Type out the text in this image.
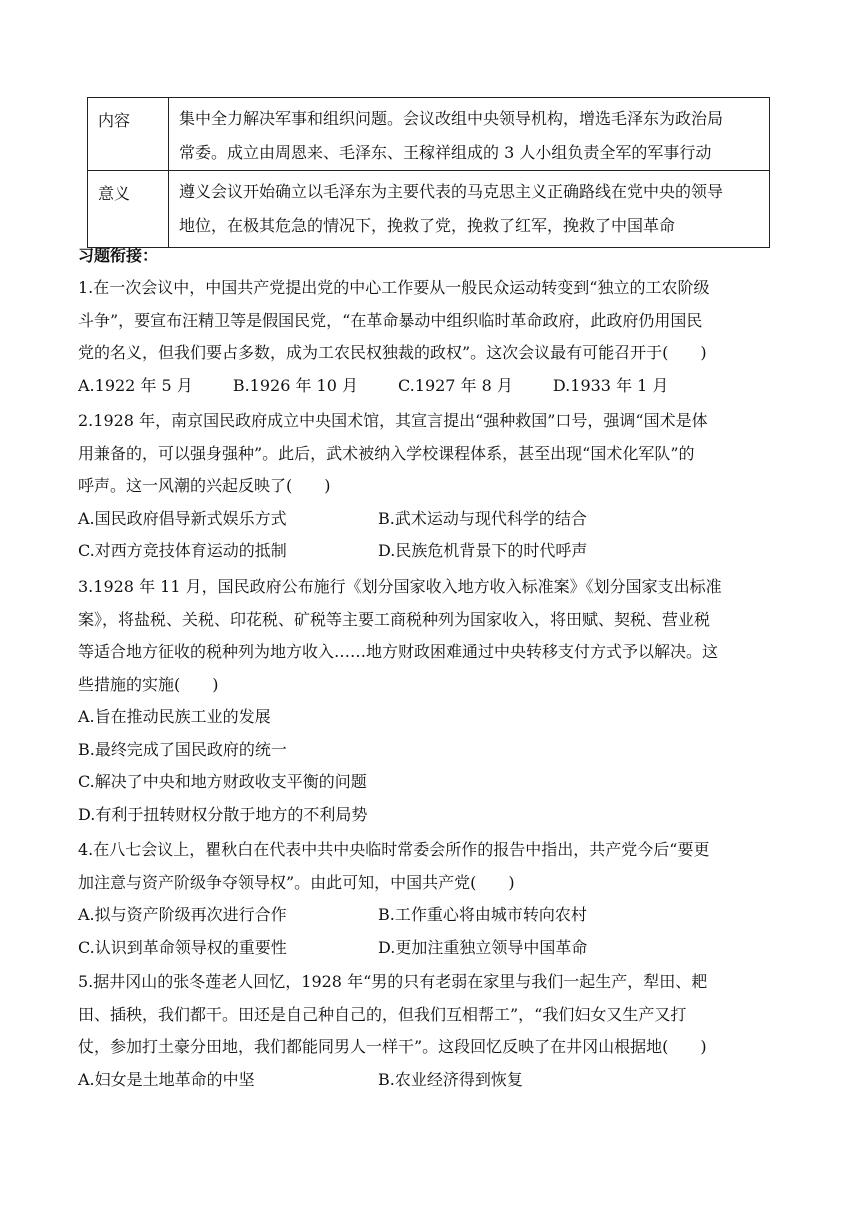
内容	集中全力解决军事和组织问题。会议改组中央领导机构，增选毛泽东为政治局
常委。成立由周恩来、毛泽东、王稼祥组成的 3 人小组负责全军的军事行动

意义	遵义会议开始确立以毛泽东为主要代表的马克思主义正确路线在党中央的领导
地位，在极其危急的情况下，挽救了党，挽救了红军，挽救了中国革命
习题衔接：
1.在一次会议中，中国共产党提出党的中心工作要从一般民众运动转变到“独立的工农阶级
斗争”，要宣布汪精卫等是假国民党，“在革命暴动中组织临时革命政府，此政府仍用国民
党的名义，但我们要占多数，成为工农民权独裁的政权”。这次会议最有可能召开于(　　)
A.1922 年 5 月	B.1926 年 10 月	C.1927 年 8 月	D.1933 年 1 月
2.1928 年，南京国民政府成立中央国术馆，其宣言提出“强种救国”口号，强调“国术是体
用兼备的，可以强身强种”。此后，武术被纳入学校课程体系，甚至出现“国术化军队”的
呼声。这一风潮的兴起反映了(　　)
A.国民政府倡导新式娱乐方式	B.武术运动与现代科学的结合
C.对西方竞技体育运动的抵制	D.民族危机背景下的时代呼声
3.1928 年 11 月，国民政府公布施行《划分国家收入地方收入标准案》《划分国家支出标准
案》，将盐税、关税、印花税、矿税等主要工商税种列为国家收入，将田赋、契税、营业税
等适合地方征收的税种列为地方收入……地方财政困难通过中央转移支付方式予以解决。这
些措施的实施(　　)
A.旨在推动民族工业的发展
B.最终完成了国民政府的统一
C.解决了中央和地方财政收支平衡的问题
D.有利于扭转财权分散于地方的不利局势
4.在八七会议上，瞿秋白在代表中共中央临时常委会所作的报告中指出，共产党今后“要更
加注意与资产阶级争夺领导权”。由此可知，中国共产党(　　)
A.拟与资产阶级再次进行合作	B.工作重心将由城市转向农村
C.认识到革命领导权的重要性	D.更加注重独立领导中国革命
5.据井冈山的张冬莲老人回忆，1928 年“男的只有老弱在家里与我们一起生产，犁田、耙
田、插秧，我们都干。田还是自己种自己的，但我们互相帮工”，“我们妇女又生产又打
仗，参加打土豪分田地，我们都能同男人一样干”。这段回忆反映了在井冈山根据地(　　)
A.妇女是土地革命的中坚	B.农业经济得到恢复
